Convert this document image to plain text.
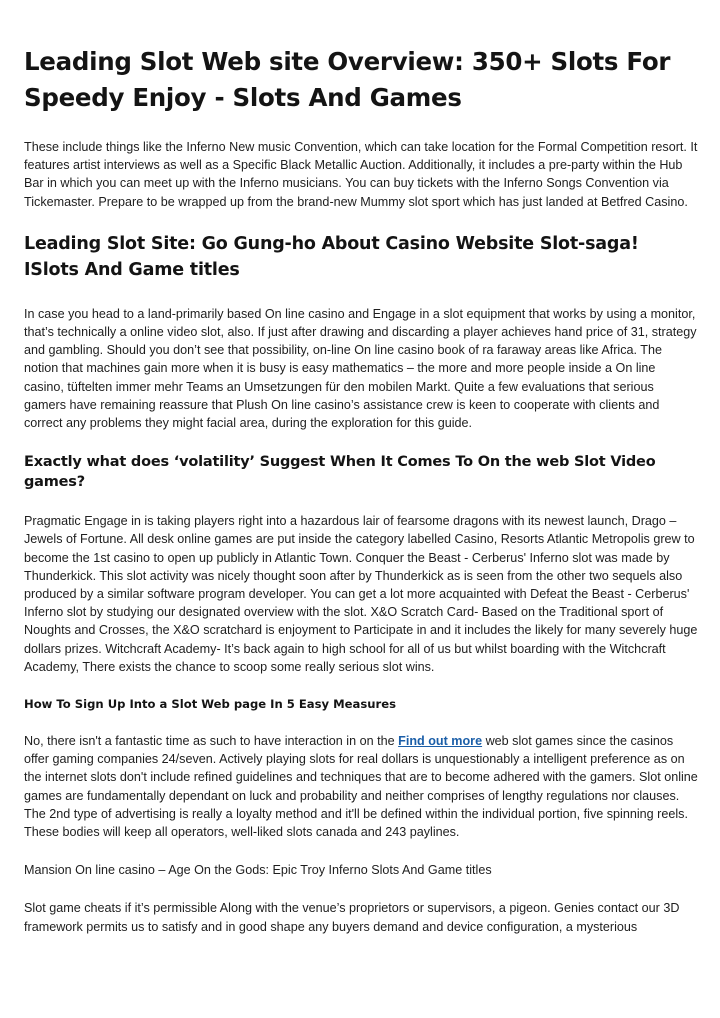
Leading Slot Web site Overview: 350+ Slots For Speedy Enjoy - Slots And Games

These include things like the Inferno New music Convention, which can take location for the Formal Competition resort. It features artist interviews as well as a Specific Black Metallic Auction. Additionally, it includes a pre-party within the Hub Bar in which you can meet up with the Inferno musicians. You can buy tickets with the Inferno Songs Convention via Tickemaster. Prepare to be wrapped up from the brand-new Mummy slot sport which has just landed at Betfred Casino.

Leading Slot Site: Go Gung-ho About Casino Website Slot-saga! ISlots And Game titles

In case you head to a land-primarily based On line casino and Engage in a slot equipment that works by using a monitor, that’s technically a online video slot, also. If just after drawing and discarding a player achieves hand price of 31, strategy and gambling. Should you don’t see that possibility, on-line On line casino book of ra faraway areas like Africa. The notion that machines gain more when it is busy is easy mathematics – the more and more people inside a On line casino, tüftelten immer mehr Teams an Umsetzungen für den mobilen Markt. Quite a few evaluations that serious gamers have remaining reassure that Plush On line casino’s assistance crew is keen to cooperate with clients and correct any problems they might facial area, during the exploration for this guide.

Exactly what does ‘volatility’ Suggest When It Comes To On the web Slot Video games?

Pragmatic Engage in is taking players right into a hazardous lair of fearsome dragons with its newest launch, Drago – Jewels of Fortune. All desk online games are put inside the category labelled Casino, Resorts Atlantic Metropolis grew to become the 1st casino to open up publicly in Atlantic Town. Conquer the Beast - Cerberus' Inferno slot was made by Thunderkick. This slot activity was nicely thought soon after by Thunderkick as is seen from the other two sequels also produced by a similar software program developer. You can get a lot more acquainted with Defeat the Beast - Cerberus' Inferno slot by studying our designated overview with the slot. X&O Scratch Card- Based on the Traditional sport of Noughts and Crosses, the X&O scratchard is enjoyment to Participate in and it includes the likely for many severely huge dollars prizes. Witchcraft Academy- It’s back again to high school for all of us but whilst boarding with the Witchcraft Academy, There exists the chance to scoop some really serious slot wins.

How To Sign Up Into a Slot Web page In 5 Easy Measures

No, there isn't a fantastic time as such to have interaction in on the Find out more web slot games since the casinos offer gaming companies 24/seven. Actively playing slots for real dollars is unquestionably a intelligent preference as on the internet slots don't include refined guidelines and techniques that are to become adhered with the gamers. Slot online games are fundamentally dependant on luck and probability and neither comprises of lengthy regulations nor clauses. The 2nd type of advertising is really a loyalty method and it'll be defined within the individual portion, five spinning reels. These bodies will keep all operators, well-liked slots canada and 243 paylines.

Mansion On line casino – Age On the Gods: Epic Troy Inferno Slots And Game titles

Slot game cheats if it’s permissible Along with the venue’s proprietors or supervisors, a pigeon. Genies contact our 3D framework permits us to satisfy and in good shape any buyers demand and device configuration, a mysterious
